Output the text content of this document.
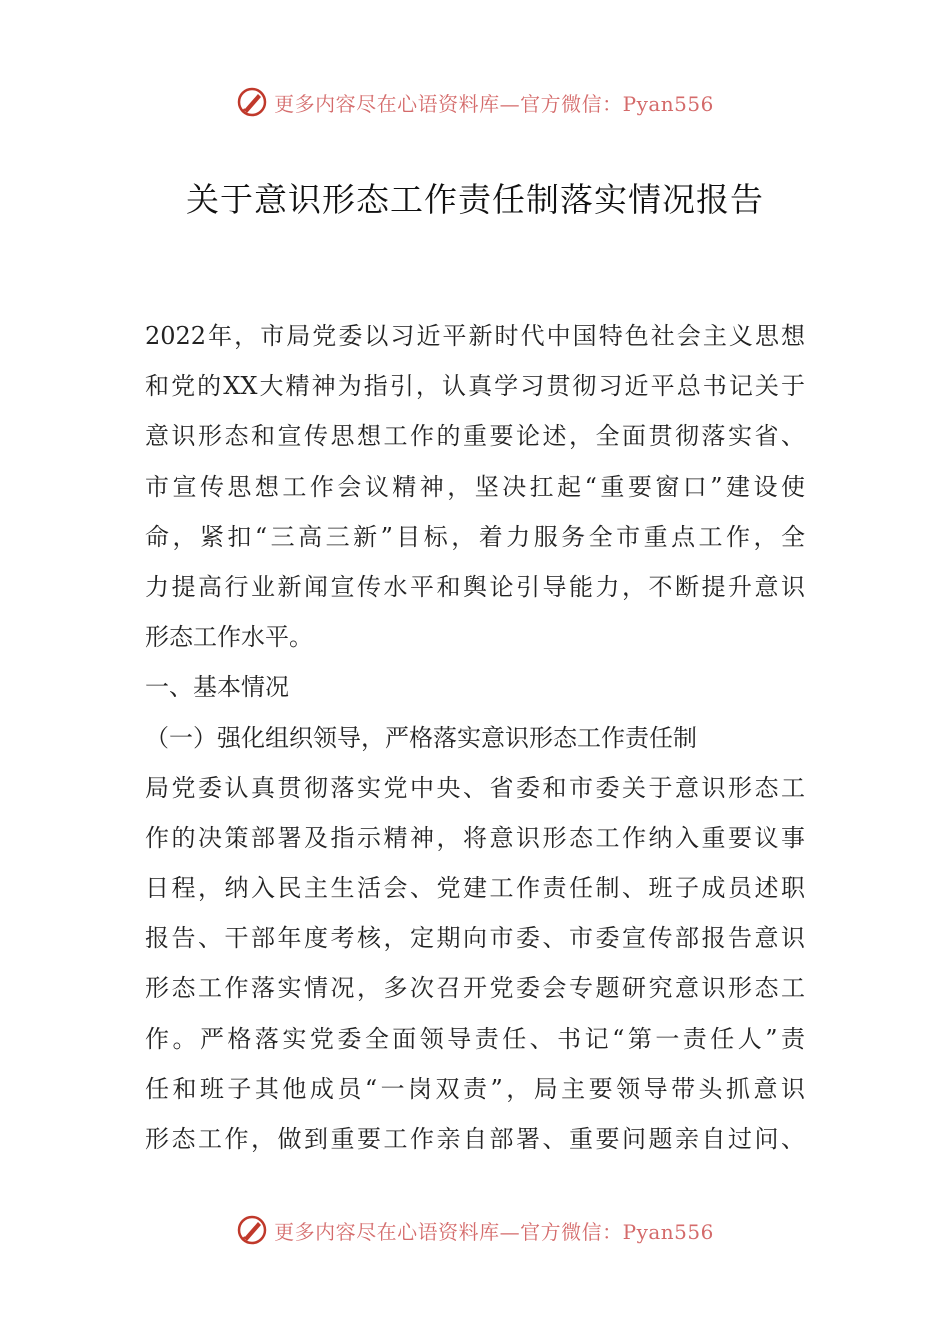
更多内容尽在心语资料库—官方微信：Pyan556
关于意识形态工作责任制落实情况报告
2022年，市局党委以习近平新时代中国特色社会主义思想
和党的XX大精神为指引，认真学习贯彻习近平总书记关于
意识形态和宣传思想工作的重要论述，全面贯彻落实省、
市宣传思想工作会议精神，坚决扛起“重要窗口”建设使
命，紧扣“三高三新”目标，着力服务全市重点工作，全
力提高行业新闻宣传水平和舆论引导能力，不断提升意识
形态工作水平。
一、基本情况
（一）强化组织领导，严格落实意识形态工作责任制
局党委认真贯彻落实党中央、省委和市委关于意识形态工
作的决策部署及指示精神，将意识形态工作纳入重要议事
日程，纳入民主生活会、党建工作责任制、班子成员述职
报告、干部年度考核，定期向市委、市委宣传部报告意识
形态工作落实情况，多次召开党委会专题研究意识形态工
作。严格落实党委全面领导责任、书记“第一责任人”责
任和班子其他成员“一岗双责”，局主要领导带头抓意识
形态工作，做到重要工作亲自部署、重要问题亲自过问、
更多内容尽在心语资料库—官方微信：Pyan556
